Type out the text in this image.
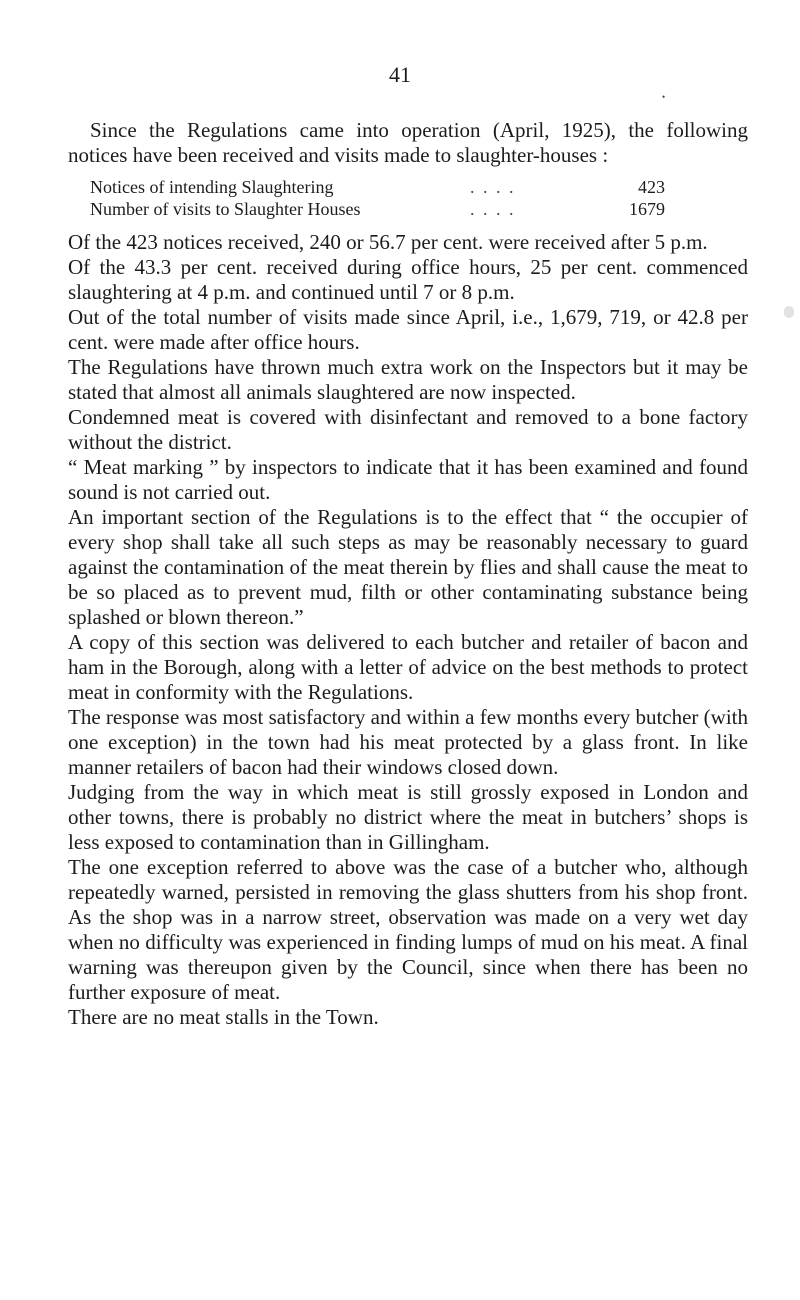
41
•

Since the Regulations came into operation (April, 1925), the following notices have been received and visits made to slaughter-houses :

Notices of intending Slaughtering	. . . .	423
Number of visits to Slaughter Houses	. . . .	1679

Of the 423 notices received, 240 or 56.7 per cent. were received after 5 p.m.

Of the 43.3 per cent. received during office hours, 25 per cent. commenced slaughtering at 4 p.m. and continued until 7 or 8 p.m.

Out of the total number of visits made since April, i.e., 1,679, 719, or 42.8 per cent. were made after office hours.

The Regulations have thrown much extra work on the Inspectors but it may be stated that almost all animals slaughtered are now inspected.

Condemned meat is covered with disinfectant and removed to a bone factory without the district.

“ Meat marking ” by inspectors to indicate that it has been examined and found sound is not carried out.

An important section of the Regulations is to the effect that “ the occupier of every shop shall take all such steps as may be reasonably necessary to guard against the contamination of the meat therein by flies and shall cause the meat to be so placed as to prevent mud, filth or other contaminating substance being splashed or blown thereon.”

A copy of this section was delivered to each butcher and retailer of bacon and ham in the Borough, along with a letter of advice on the best methods to protect meat in conformity with the Regulations.

The response was most satisfactory and within a few months every butcher (with one exception) in the town had his meat protected by a glass front. In like manner retailers of bacon had their windows closed down.

Judging from the way in which meat is still grossly exposed in London and other towns, there is probably no district where the meat in butchers’ shops is less exposed to contamination than in Gillingham.

The one exception referred to above was the case of a butcher who, although repeatedly warned, persisted in removing the glass shutters from his shop front. As the shop was in a narrow street, observation was made on a very wet day when no difficulty was experienced in finding lumps of mud on his meat. A final warning was thereupon given by the Council, since when there has been no further exposure of meat.

There are no meat stalls in the Town.
